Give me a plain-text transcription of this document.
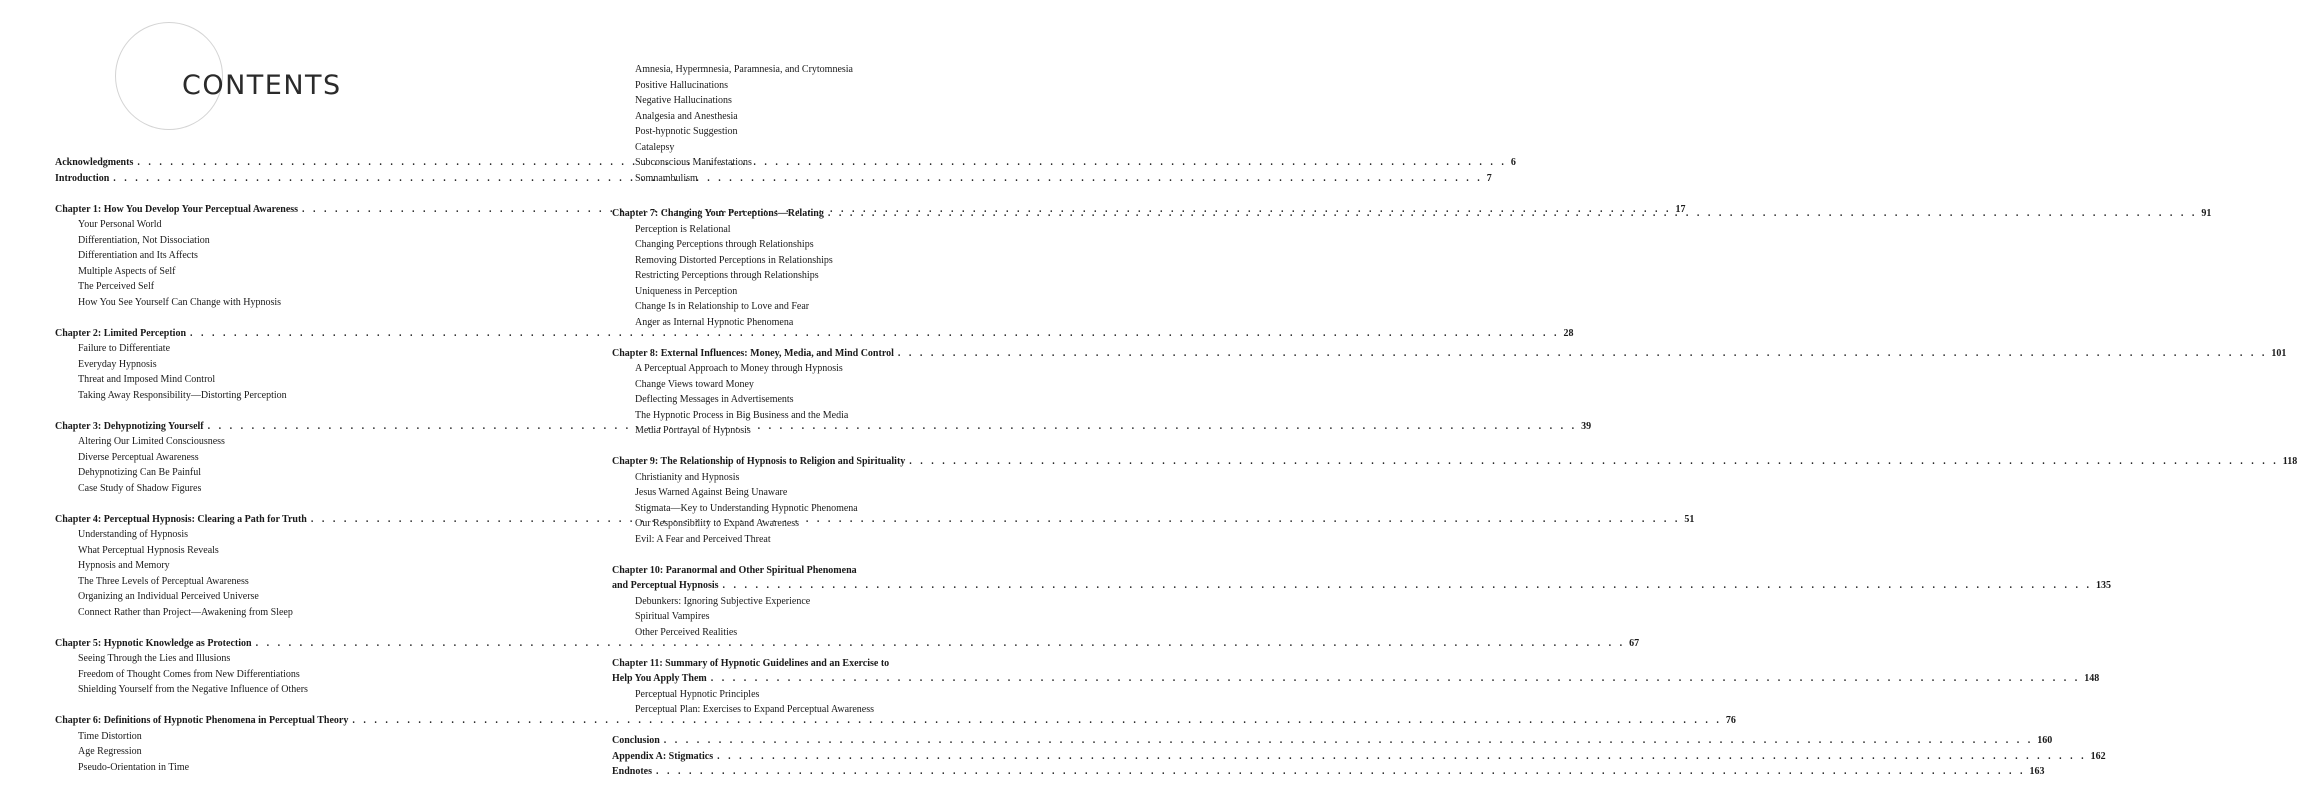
CONTENTS
Acknowledgments . . .	6
Introduction . . .	7
Chapter 1: How You Develop Your Perceptual Awareness . . .	17
Your Personal World
Differentiation, Not Dissociation
Differentiation and Its Affects
Multiple Aspects of Self
The Perceived Self
How You See Yourself Can Change with Hypnosis
Chapter 2: Limited Perception . . .	28
Failure to Differentiate
Everyday Hypnosis
Threat and Imposed Mind Control
Taking Away Responsibility—Distorting Perception
Chapter 3: Dehypnotizing Yourself . . .	39
Altering Our Limited Consciousness
Diverse Perceptual Awareness
Dehypnotizing Can Be Painful
Case Study of Shadow Figures
Chapter 4: Perceptual Hypnosis: Clearing a Path for Truth . . .	51
Understanding of Hypnosis
What Perceptual Hypnosis Reveals
Hypnosis and Memory
The Three Levels of Perceptual Awareness
Organizing an Individual Perceived Universe
Connect Rather than Project—Awakening from Sleep
Chapter 5: Hypnotic Knowledge as Protection . . .	67
Seeing Through the Lies and Illusions
Freedom of Thought Comes from New Differentiations
Shielding Yourself from the Negative Influence of Others
Chapter 6: Definitions of Hypnotic Phenomena in Perceptual Theory . . .	76
Time Distortion
Age Regression
Pseudo-Orientation in Time
Amnesia, Hypermnesia, Paramnesia, and Crytomnesia
Positive Hallucinations
Negative Hallucinations
Analgesia and Anesthesia
Post-hypnotic Suggestion
Catalepsy
Subconscious Manifestations
Somnambulism
Chapter 7: Changing Your Perceptions—Relating . . .	91
Perception is Relational
Changing Perceptions through Relationships
Removing Distorted Perceptions in Relationships
Restricting Perceptions through Relationships
Uniqueness in Perception
Change Is in Relationship to Love and Fear
Anger as Internal Hypnotic Phenomena
Chapter 8: External Influences: Money, Media, and Mind Control . . .	101
A Perceptual Approach to Money through Hypnosis
Change Views toward Money
Deflecting Messages in Advertisements
The Hypnotic Process in Big Business and the Media
Media Portrayal of Hypnosis
Chapter 9: The Relationship of Hypnosis to Religion and Spirituality . . .	118
Christianity and Hypnosis
Jesus Warned Against Being Unaware
Stigmata—Key to Understanding Hypnotic Phenomena
Our Responsibility to Expand Awareness
Evil: A Fear and Perceived Threat
Chapter 10: Paranormal and Other Spiritual Phenomena
and Perceptual Hypnosis . . .	135
Debunkers: Ignoring Subjective Experience
Spiritual Vampires
Other Perceived Realities
Chapter 11: Summary of Hypnotic Guidelines and an Exercise to
Help You Apply Them . . .	148
Perceptual Hypnotic Principles
Perceptual Plan: Exercises to Expand Perceptual Awareness
Conclusion . . .	160
Appendix A: Stigmatics . . .	162
Endnotes . . .	163
